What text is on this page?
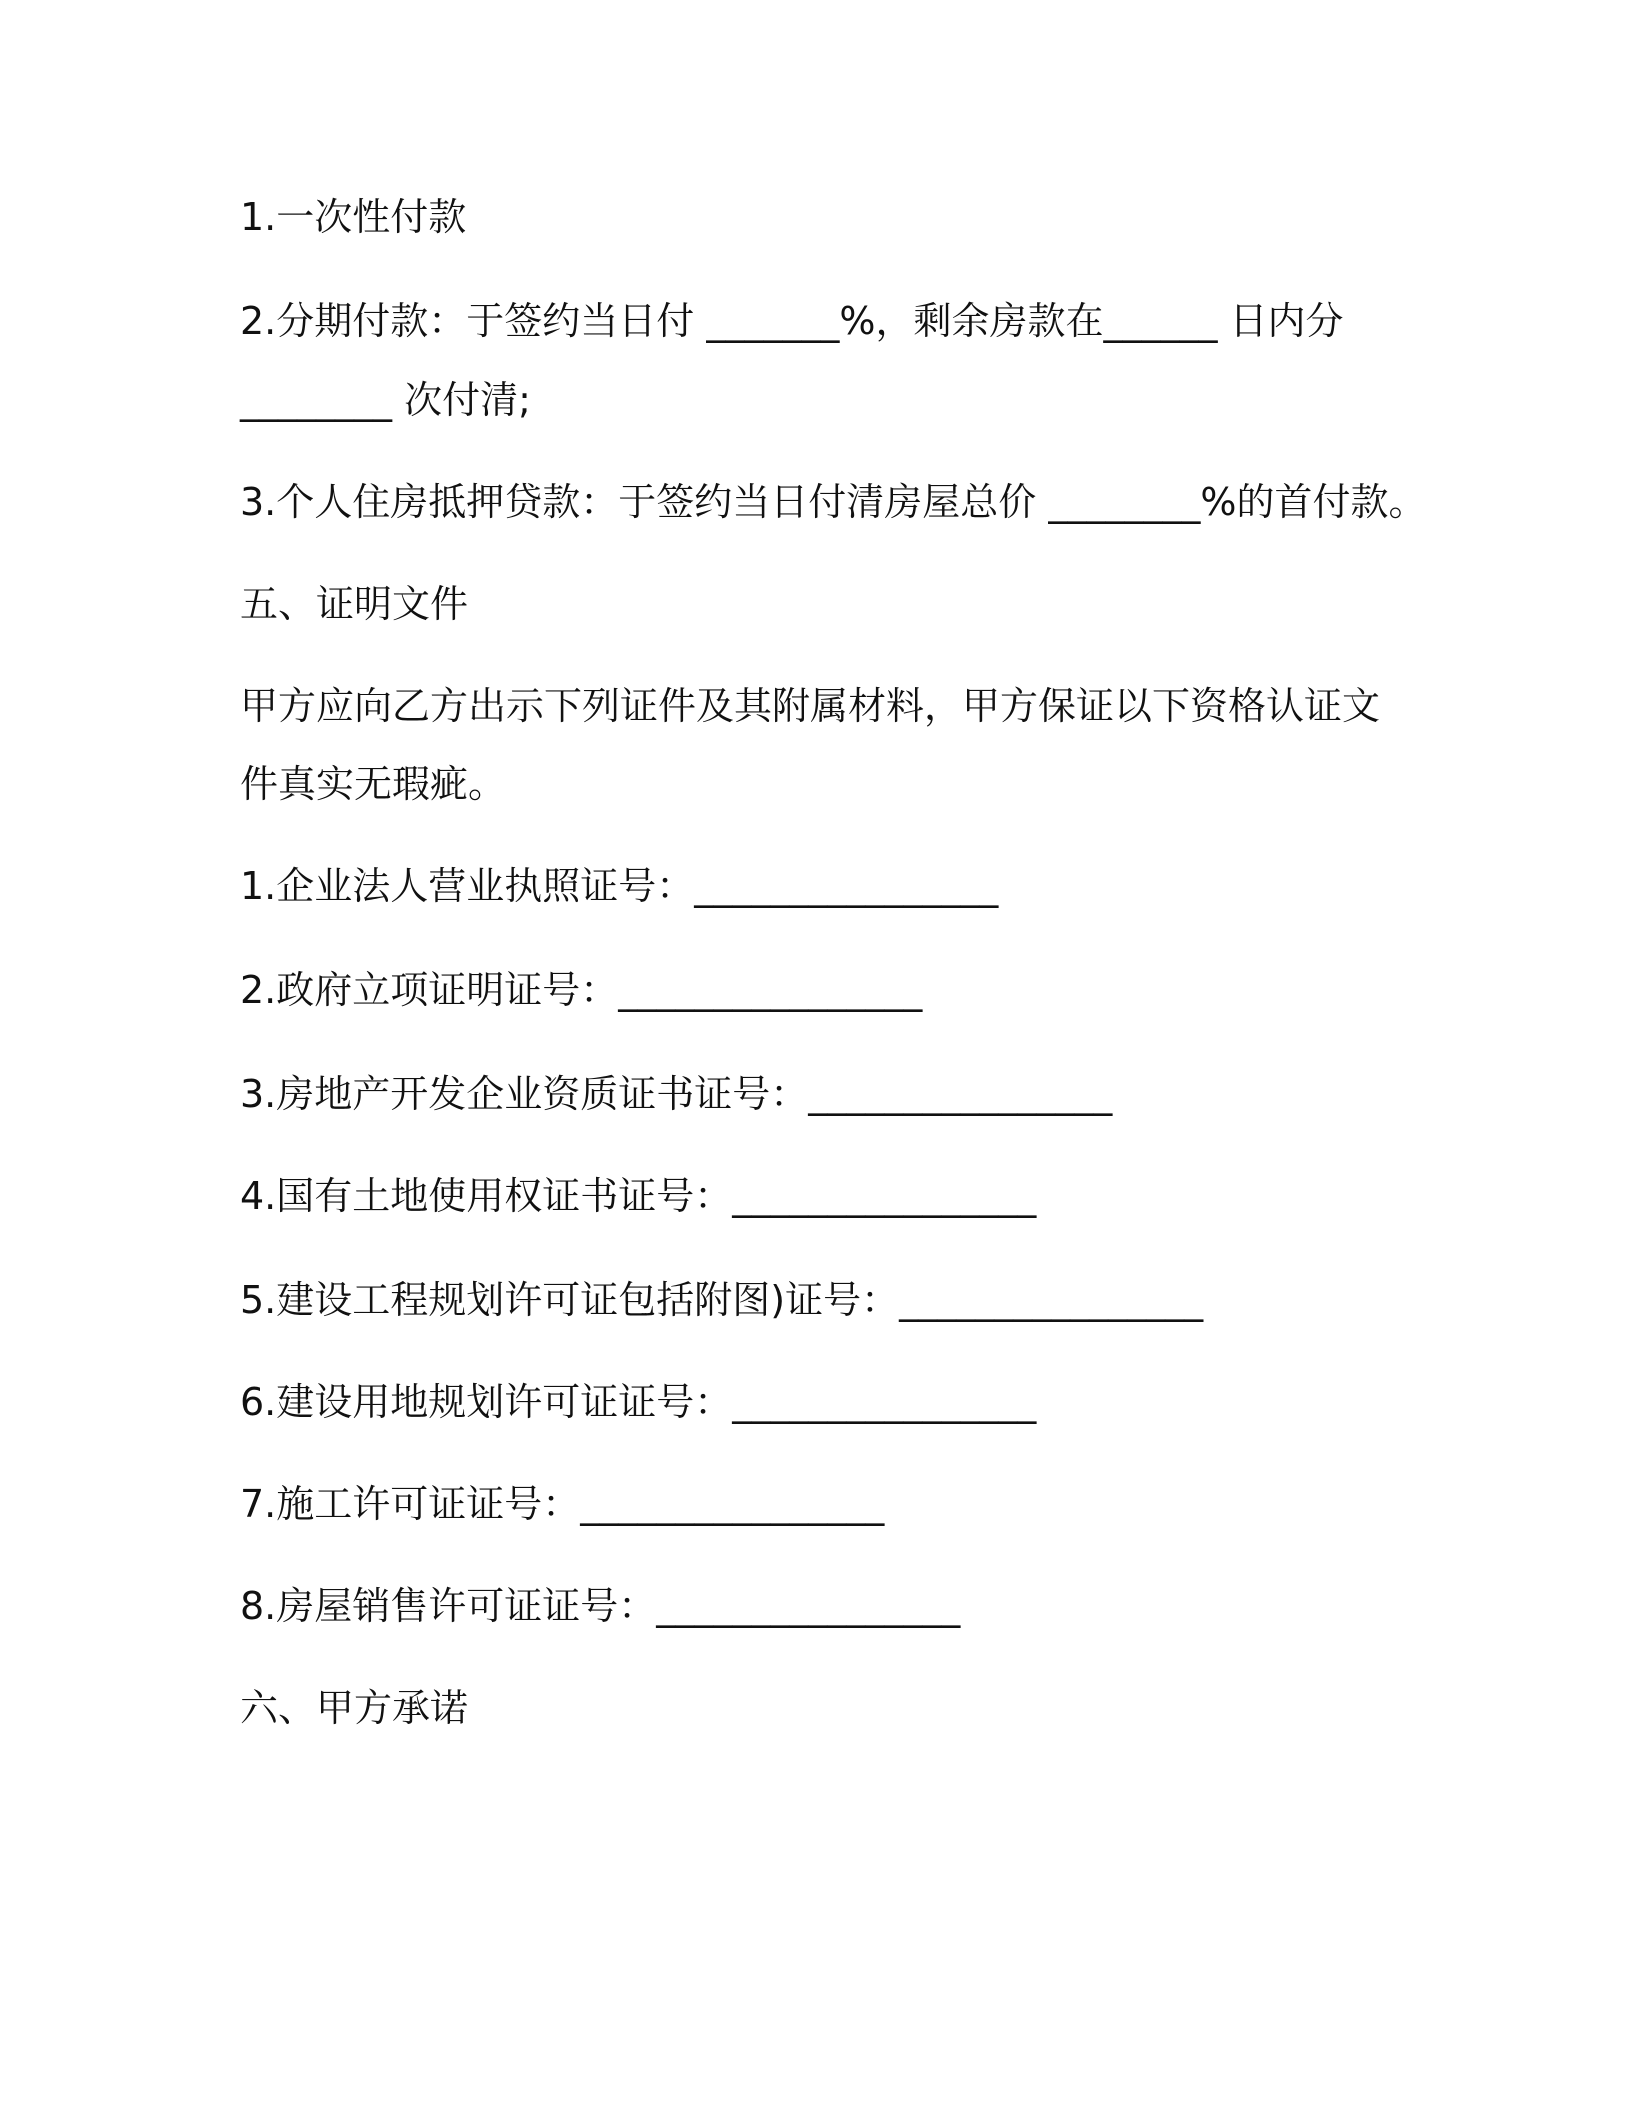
1.一次性付款

2.分期付款：于签约当日付 _______%，剩余房款在______ 日内分

________ 次付清;

3.个人住房抵押贷款：于签约当日付清房屋总价 ________%的首付款。

五、证明文件

甲方应向乙方出示下列证件及其附属材料，甲方保证以下资格认证文

件真实无瑕疵。

1.企业法人营业执照证号：________________

2.政府立项证明证号：________________

3.房地产开发企业资质证书证号：________________

4.国有土地使用权证书证号：________________

5.建设工程规划许可证包括附图)证号：________________

6.建设用地规划许可证证号：________________

7.施工许可证证号：________________

8.房屋销售许可证证号：________________

六、甲方承诺
